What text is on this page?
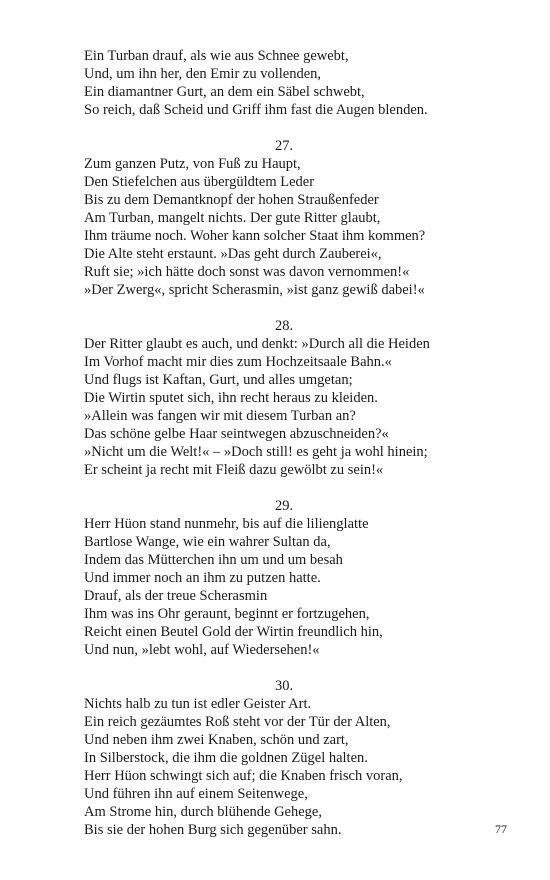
Ein Turban drauf, als wie aus Schnee gewebt,
Und, um ihn her, den Emir zu vollenden,
Ein diamantner Gurt, an dem ein Säbel schwebt,
So reich, daß Scheid und Griff ihm fast die Augen blenden.
27.
Zum ganzen Putz, von Fuß zu Haupt,
Den Stiefelchen aus übergüldtem Leder
Bis zu dem Demantknopf der hohen Straußenfeder
Am Turban, mangelt nichts. Der gute Ritter glaubt,
Ihm träume noch. Woher kann solcher Staat ihm kommen?
Die Alte steht erstaunt. »Das geht durch Zauberei«,
Ruft sie; »ich hätte doch sonst was davon vernommen!«
»Der Zwerg«, spricht Scherasmin, »ist ganz gewiß dabei!«
28.
Der Ritter glaubt es auch, und denkt: »Durch all die Heiden
Im Vorhof macht mir dies zum Hochzeitsaale Bahn.«
Und flugs ist Kaftan, Gurt, und alles umgetan;
Die Wirtin sputet sich, ihn recht heraus zu kleiden.
»Allein was fangen wir mit diesem Turban an?
Das schöne gelbe Haar seintwegen abzuschneiden?«
»Nicht um die Welt!« – »Doch still! es geht ja wohl hinein;
Er scheint ja recht mit Fleiß dazu gewölbt zu sein!«
29.
Herr Hüon stand nunmehr, bis auf die lilienglatte
Bartlose Wange, wie ein wahrer Sultan da,
Indem das Mütterchen ihn um und um besah
Und immer noch an ihm zu putzen hatte.
Drauf, als der treue Scherasmin
Ihm was ins Ohr geraunt, beginnt er fortzugehen,
Reicht einen Beutel Gold der Wirtin freundlich hin,
Und nun, »lebt wohl, auf Wiedersehen!«
30.
Nichts halb zu tun ist edler Geister Art.
Ein reich gezäumtes Roß steht vor der Tür der Alten,
Und neben ihm zwei Knaben, schön und zart,
In Silberstock, die ihm die goldnen Zügel halten.
Herr Hüon schwingt sich auf; die Knaben frisch voran,
Und führen ihn auf einem Seitenwege,
Am Strome hin, durch blühende Gehege,
Bis sie der hohen Burg sich gegenüber sahn.	77
